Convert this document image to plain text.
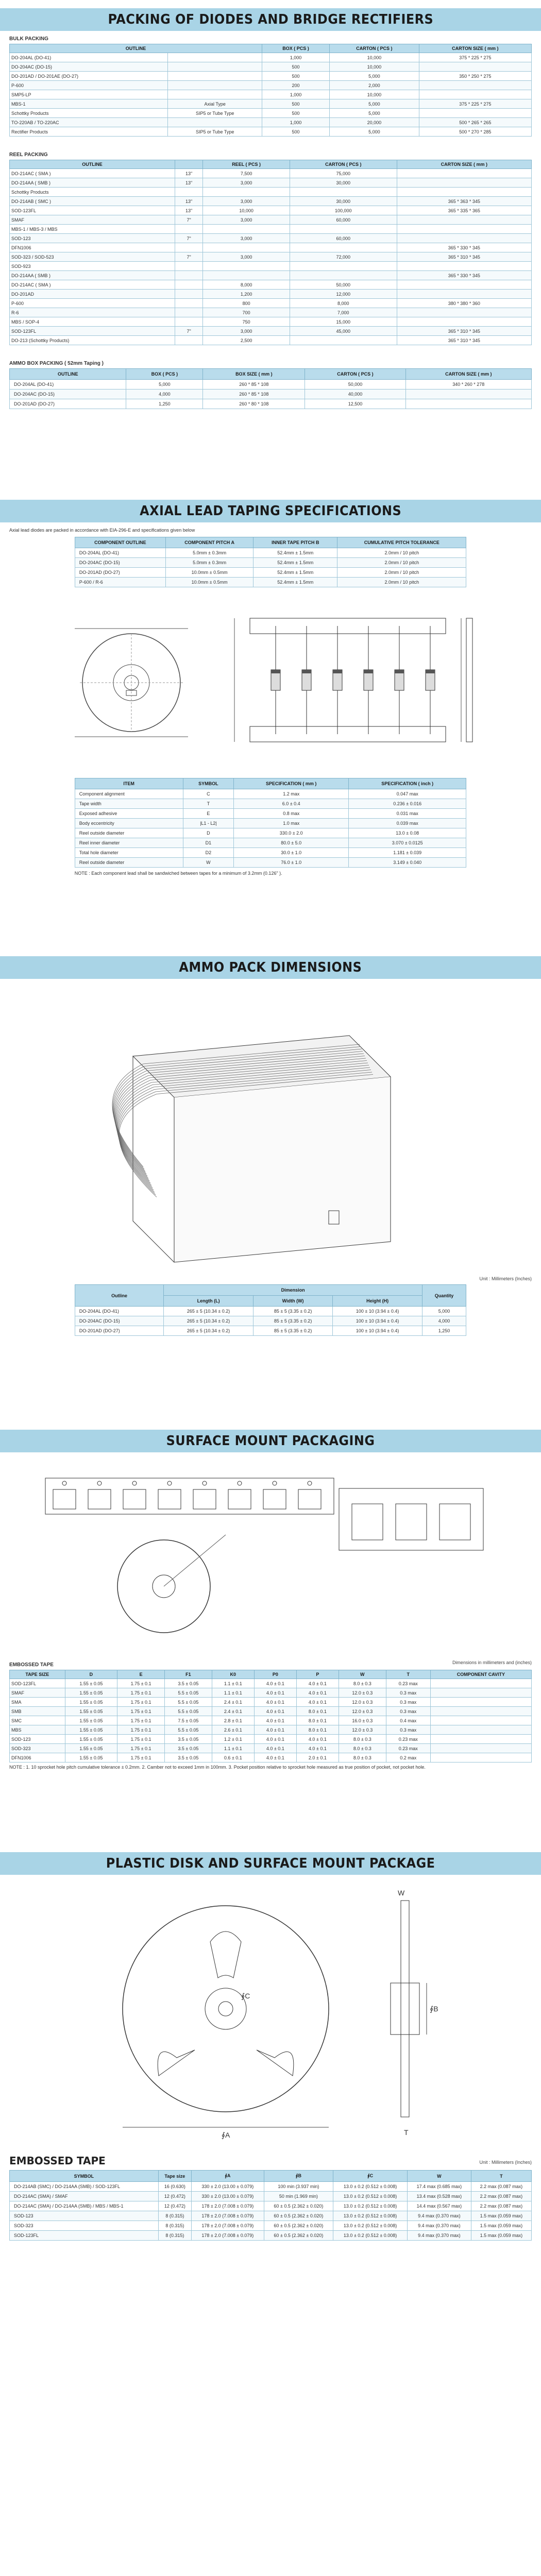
PACKING OF DIODES AND BRIDGE RECTIFIERS
BULK PACKING
OUTLINE		BOX ( PCS )	CARTON ( PCS )	CARTON SIZE ( mm )
DO-204AL (DO-41)		1,000	10,000	375 * 225 * 275
DO-204AC (DO-15)		500	10,000	
DO-201AD / DO-201AE (DO-27)		500	5,000	350 * 250 * 275
P-600		200	2,000	
SMP5-LP		1,000	10,000	
MBS-1	Axial Type	500	5,000	375 * 225 * 275
Schottky Products	SIP5 or Tube Type	500	5,000	
TO-220AB / TO-220AC		1,000	20,000	500 * 265 * 265
Rectifier Products	SIP5 or Tube Type	500	5,000	500 * 270 * 285
REEL PACKING
OUTLINE		REEL ( PCS )	CARTON ( PCS )	CARTON SIZE ( mm )
DO-214AC ( SMA )	13"	7,500	75,000	
DO-214AA ( SMB )	13"	3,000	30,000	
Schottky Products				
DO-214AB ( SMC )	13"	3,000	30,000	365 * 363 * 345
SOD-123FL	13"	10,000	100,000	365 * 335 * 365
SMAF	7"	3,000	60,000	
MBS-1 / MBS-3 / MBS				
SOD-123	7"	3,000	60,000	
DFN1006				365 * 330 * 345
SOD-323 / SOD-523	7"	3,000	72,000	365 * 310 * 345
SOD-923				
DO-214AA ( SMB )				365 * 330 * 345
DO-214AC ( SMA )		8,000	50,000	
DO-201AD		1,200	12,000	
P-600		800	8,000	380 * 380 * 360
R-6		700	7,000	
MBS / SOP-4		750	15,000	
SOD-123FL	7"	3,000	45,000	365 * 310 * 345
DO-213 (Schottky Products)		2,500		365 * 310 * 345
AMMO BOX PACKING ( 52mm Taping )
OUTLINE	BOX ( PCS )	BOX SIZE ( mm )	CARTON ( PCS )	CARTON SIZE ( mm )
DO-204AL (DO-41)	5,000	260 * 85 * 108	50,000	340 * 260 * 278
DO-204AC (DO-15)	4,000	260 * 85 * 108	40,000	
DO-201AD (DO-27)	1,250	260 * 80 * 108	12,500	
AXIAL LEAD TAPING SPECIFICATIONS
Axial lead diodes are packed in accordance with EIA-296-E and specifications given below
COMPONENT OUTLINE	COMPONENT PITCH A	INNER TAPE PITCH B	CUMULATIVE PITCH TOLERANCE
DO-204AL (DO-41)	5.0mm ± 0.3mm	52.4mm ± 1.5mm	2.0mm / 10 pitch
DO-204AC (DO-15)	5.0mm ± 0.3mm	52.4mm ± 1.5mm	2.0mm / 10 pitch
DO-201AD (DO-27)	10.0mm ± 0.5mm	52.4mm ± 1.5mm	2.0mm / 10 pitch
P-600 / R-6	10.0mm ± 0.5mm	52.4mm ± 1.5mm	2.0mm / 10 pitch
ITEM	SYMBOL	SPECIFICATION ( mm )	SPECIFICATION ( inch )
Component alignment	C	1.2 max	0.047 max
Tape width	T	6.0 ± 0.4	0.236 ± 0.016
Exposed adhesive	E	0.8 max	0.031 max
Body eccentricity	|L1 - L2|	1.0 max	0.039 max
Reel outside diameter	D	330.0 ± 2.0	13.0 ± 0.08
Reel inner diameter	D1	80.0 ± 5.0	3.070 ± 0.0125
Total hole diameter	D2	30.0 ± 1.0	1.181 ± 0.039
Reel outside diameter	W	76.0 ± 1.0	3.149 ± 0.040
NOTE : Each component lead shall be sandwiched between tapes for a minimum of 3.2mm (0.126" ).
AMMO PACK DIMENSIONS
Unit : Millimeters (Inches)
Outline	Dimension			Quantity
	Length (L)	Width (W)	Height (H)	
DO-204AL (DO-41)	265 ± 5 (10.34 ± 0.2)	85 ± 5 (3.35 ± 0.2)	100 ± 10 (3.94 ± 0.4)	5,000
DO-204AC (DO-15)	265 ± 5 (10.34 ± 0.2)	85 ± 5 (3.35 ± 0.2)	100 ± 10 (3.94 ± 0.4)	4,000
DO-201AD (DO-27)	265 ± 5 (10.34 ± 0.2)	85 ± 5 (3.35 ± 0.2)	100 ± 10 (3.94 ± 0.4)	1,250
SURFACE MOUNT PACKAGING
EMBOSSED TAPE	Dimensions in millimeters and (inches)
TAPE SIZE	D	E	F1	K0	P0	P	W	T	COMPONENT CAVITY
SOD-123FL	1.55 ± 0.05	1.75 ± 0.1	3.5 ± 0.05	1.1 ± 0.1	4.0 ± 0.1	4.0 ± 0.1	8.0 ± 0.3	0.23 max	
SMAF	1.55 ± 0.05	1.75 ± 0.1	5.5 ± 0.05	1.1 ± 0.1	4.0 ± 0.1	4.0 ± 0.1	12.0 ± 0.3	0.3 max	
SMA	1.55 ± 0.05	1.75 ± 0.1	5.5 ± 0.05	2.4 ± 0.1	4.0 ± 0.1	4.0 ± 0.1	12.0 ± 0.3	0.3 max	
SMB	1.55 ± 0.05	1.75 ± 0.1	5.5 ± 0.05	2.4 ± 0.1	4.0 ± 0.1	8.0 ± 0.1	12.0 ± 0.3	0.3 max	
SMC	1.55 ± 0.05	1.75 ± 0.1	7.5 ± 0.05	2.8 ± 0.1	4.0 ± 0.1	8.0 ± 0.1	16.0 ± 0.3	0.4 max	
MBS	1.55 ± 0.05	1.75 ± 0.1	5.5 ± 0.05	2.6 ± 0.1	4.0 ± 0.1	8.0 ± 0.1	12.0 ± 0.3	0.3 max	
SOD-123	1.55 ± 0.05	1.75 ± 0.1	3.5 ± 0.05	1.2 ± 0.1	4.0 ± 0.1	4.0 ± 0.1	8.0 ± 0.3	0.23 max	
SOD-323	1.55 ± 0.05	1.75 ± 0.1	3.5 ± 0.05	1.1 ± 0.1	4.0 ± 0.1	4.0 ± 0.1	8.0 ± 0.3	0.23 max	
DFN1006	1.55 ± 0.05	1.75 ± 0.1	3.5 ± 0.05	0.6 ± 0.1	4.0 ± 0.1	2.0 ± 0.1	8.0 ± 0.3	0.2 max	
NOTE : 1. 10 sprocket hole pitch cumulative tolerance ± 0.2mm. 2. Camber not to exceed 1mm in 100mm. 3. Pocket position relative to sprocket hole measured as true position of pocket, not pocket hole.
PLASTIC DISK AND SURFACE MOUNT PACKAGE
∮A
∮C
∮B
T
W
EMBOSSED TAPE	Unit : Millimeters (Inches)
SYMBOL	Tape size	∮A	∮B	∮C	W	T
DO-214AB (SMC) / DO-214AA (SMB) / SOD-123FL	16 (0.630)	330 ± 2.0 (13.00 ± 0.079)	100 min (3.937 min)	13.0 ± 0.2 (0.512 ± 0.008)	17.4 max (0.685 max)	2.2 max (0.087 max)
DO-214AC (SMA) / SMAF	12 (0.472)	330 ± 2.0 (13.00 ± 0.079)	50 min (1.969 min)	13.0 ± 0.2 (0.512 ± 0.008)	13.4 max (0.528 max)	2.2 max (0.087 max)
DO-214AC (SMA) / DO-214AA (SMB) / MBS / MBS-1	12 (0.472)	178 ± 2.0 (7.008 ± 0.079)	60 ± 0.5 (2.362 ± 0.020)	13.0 ± 0.2 (0.512 ± 0.008)	14.4 max (0.567 max)	2.2 max (0.087 max)
SOD-123	8 (0.315)	178 ± 2.0 (7.008 ± 0.079)	60 ± 0.5 (2.362 ± 0.020)	13.0 ± 0.2 (0.512 ± 0.008)	9.4 max (0.370 max)	1.5 max (0.059 max)
SOD-323	8 (0.315)	178 ± 2.0 (7.008 ± 0.079)	60 ± 0.5 (2.362 ± 0.020)	13.0 ± 0.2 (0.512 ± 0.008)	9.4 max (0.370 max)	1.5 max (0.059 max)
SOD-123FL	8 (0.315)	178 ± 2.0 (7.008 ± 0.079)	60 ± 0.5 (2.362 ± 0.020)	13.0 ± 0.2 (0.512 ± 0.008)	9.4 max (0.370 max)	1.5 max (0.059 max)
